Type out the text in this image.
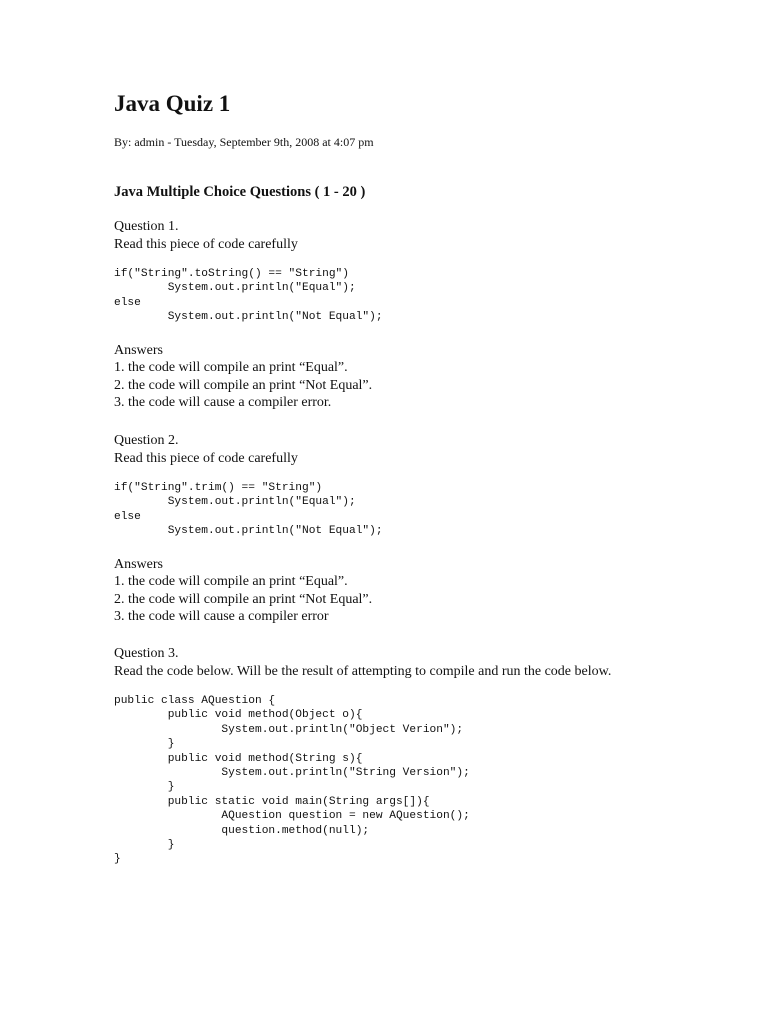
Java Quiz 1
By: admin - Tuesday, September 9th, 2008 at 4:07 pm
Java Multiple Choice Questions ( 1 - 20 )
Question 1.
Read this piece of code carefully
if("String".toString() == "String")
System.out.println("Equal");
else
System.out.println("Not Equal");
Answers
1. the code will compile an print “Equal”.
2. the code will compile an print “Not Equal”.
3. the code will cause a compiler error.
Question 2.
Read this piece of code carefully
if("String".trim() == "String")
System.out.println("Equal");
else
System.out.println("Not Equal");
Answers
1. the code will compile an print “Equal”.
2. the code will compile an print “Not Equal”.
3. the code will cause a compiler error
Question 3.
Read the code below. Will be the result of attempting to compile and run the code below.
public class AQuestion {
public void method(Object o){
System.out.println("Object Verion");
}
public void method(String s){
System.out.println("String Version");
}
public static void main(String args[]){
AQuestion question = new AQuestion();
question.method(null);
}
}
